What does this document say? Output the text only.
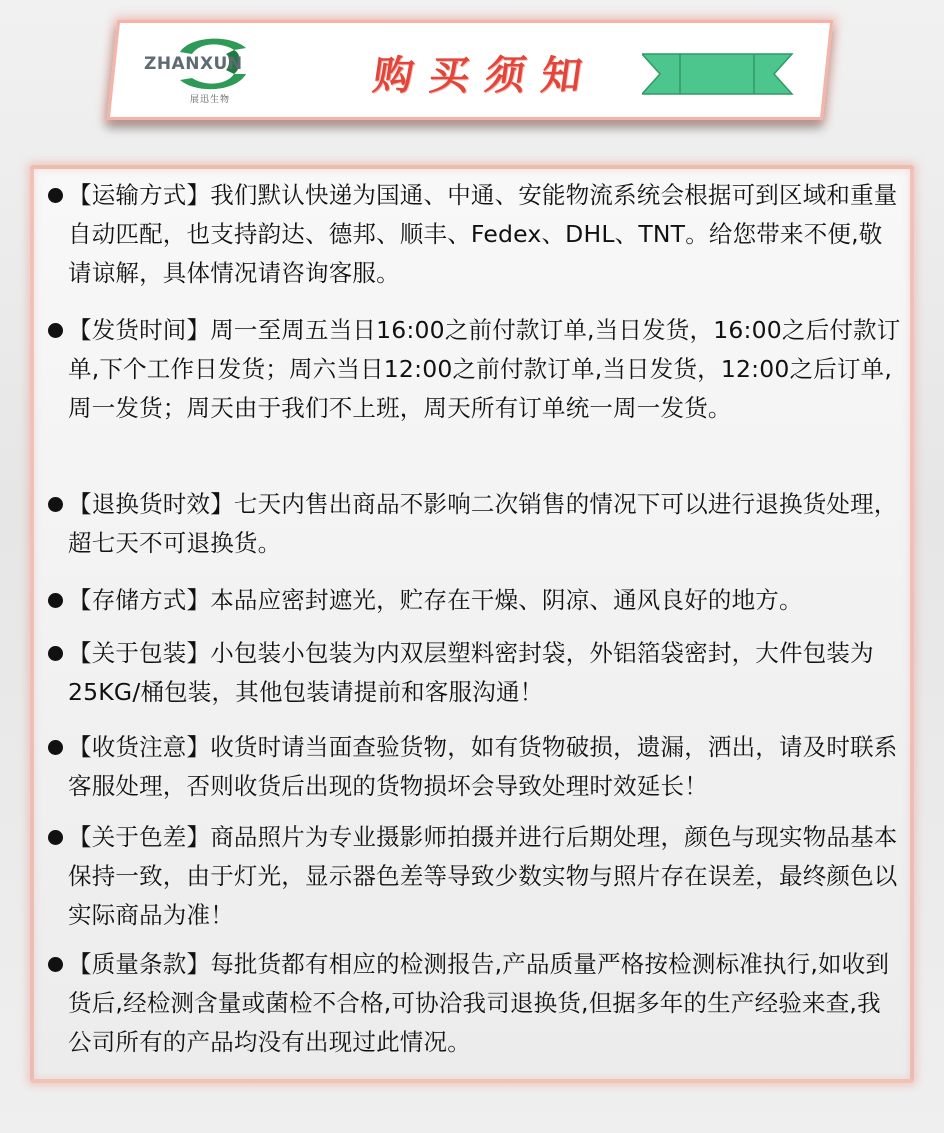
ZHANXUN
展迅生物
购买须知
【运输方式】我们默认快递为国通、中通、安能物流系统会根据可到区域和重量自动匹配，也支持韵达、德邦、顺丰、Fedex、DHL、TNT。给您带来不便,敬请谅解，具体情况请咨询客服。
【发货时间】周一至周五当日16:00之前付款订单,当日发货，16:00之后付款订单,下个工作日发货；周六当日12:00之前付款订单,当日发货，12:00之后订单,周一发货；周天由于我们不上班，周天所有订单统一周一发货。
【退换货时效】七天内售出商品不影响二次销售的情况下可以进行退换货处理，超七天不可退换货。
【存储方式】本品应密封遮光，贮存在干燥、阴凉、通风良好的地方。
【关于包装】小包装小包装为内双层塑料密封袋，外铝箔袋密封，大件包装为25KG/桶包装，其他包装请提前和客服沟通！
【收货注意】收货时请当面查验货物，如有货物破损，遗漏，洒出，请及时联系客服处理，否则收货后出现的货物损坏会导致处理时效延长！
【关于色差】商品照片为专业摄影师拍摄并进行后期处理，颜色与现实物品基本保持一致，由于灯光，显示器色差等导致少数实物与照片存在误差，最终颜色以实际商品为准！
【质量条款】每批货都有相应的检测报告,产品质量严格按检测标准执行,如收到货后,经检测含量或菌检不合格,可协洽我司退换货,但据多年的生产经验来查,我公司所有的产品均没有出现过此情况。
